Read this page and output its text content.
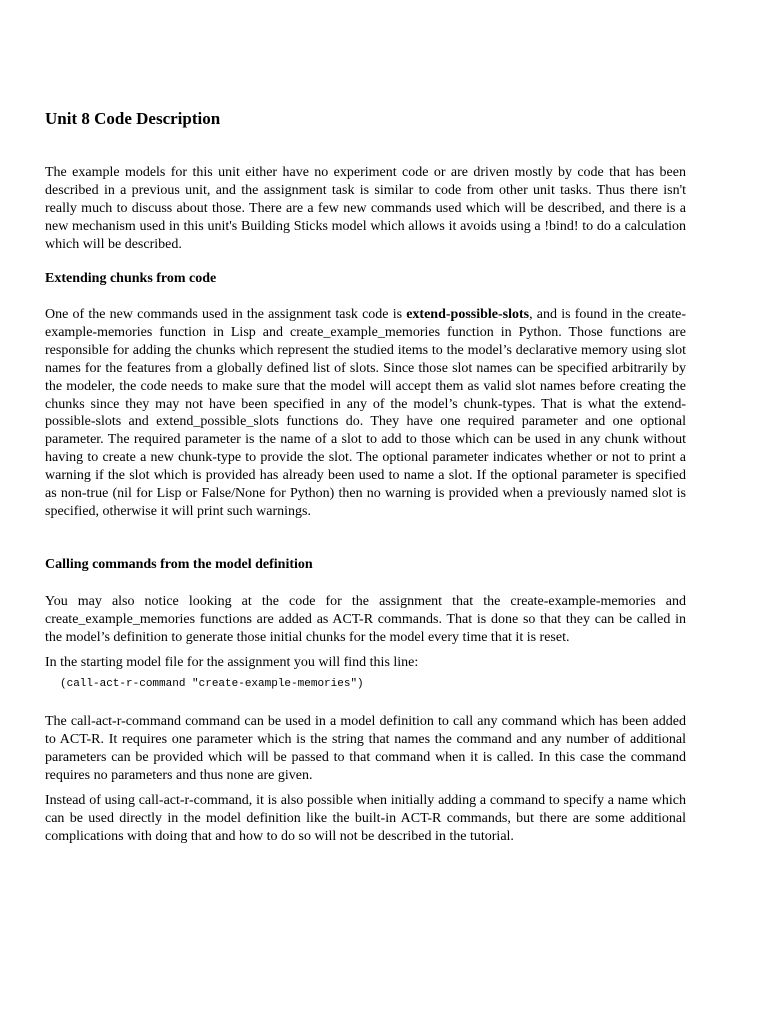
Unit 8 Code Description

The example models for this unit either have no experiment code or are driven mostly by code that has been described in a previous unit, and the assignment task is similar to code from other unit tasks. Thus there isn't really much to discuss about those. There are a few new commands used which will be described, and there is a new mechanism used in this unit's Building Sticks model which allows it avoids using a !bind! to do a calculation which will be described.

Extending chunks from code

One of the new commands used in the assignment task code is extend-possible-slots, and is found in the create-example-memories function in Lisp and create_example_memories function in Python. Those functions are responsible for adding the chunks which represent the studied items to the model’s declarative memory using slot names for the features from a globally defined list of slots. Since those slot names can be specified arbitrarily by the modeler, the code needs to make sure that the model will accept them as valid slot names before creating the chunks since they may not have been specified in any of the model’s chunk-types. That is what the extend-possible-slots and extend_possible_slots functions do. They have one required parameter and one optional parameter. The required parameter is the name of a slot to add to those which can be used in any chunk without having to create a new chunk-type to provide the slot. The optional parameter indicates whether or not to print a warning if the slot which is provided has already been used to name a slot. If the optional parameter is specified as non-true (nil for Lisp or False/None for Python) then no warning is provided when a previously named slot is specified, otherwise it will print such warnings.

Calling commands from the model definition

You may also notice looking at the code for the assignment that the create-example-memories and create_example_memories functions are added as ACT-R commands. That is done so that they can be called in the model’s definition to generate those initial chunks for the model every time that it is reset.

In the starting model file for the assignment you will find this line:

(call-act-r-command "create-example-memories")

The call-act-r-command command can be used in a model definition to call any command which has been added to ACT-R. It requires one parameter which is the string that names the command and any number of additional parameters can be provided which will be passed to that command when it is called. In this case the command requires no parameters and thus none are given.

Instead of using call-act-r-command, it is also possible when initially adding a command to specify a name which can be used directly in the model definition like the built-in ACT-R commands, but there are some additional complications with doing that and how to do so will not be described in the tutorial.
